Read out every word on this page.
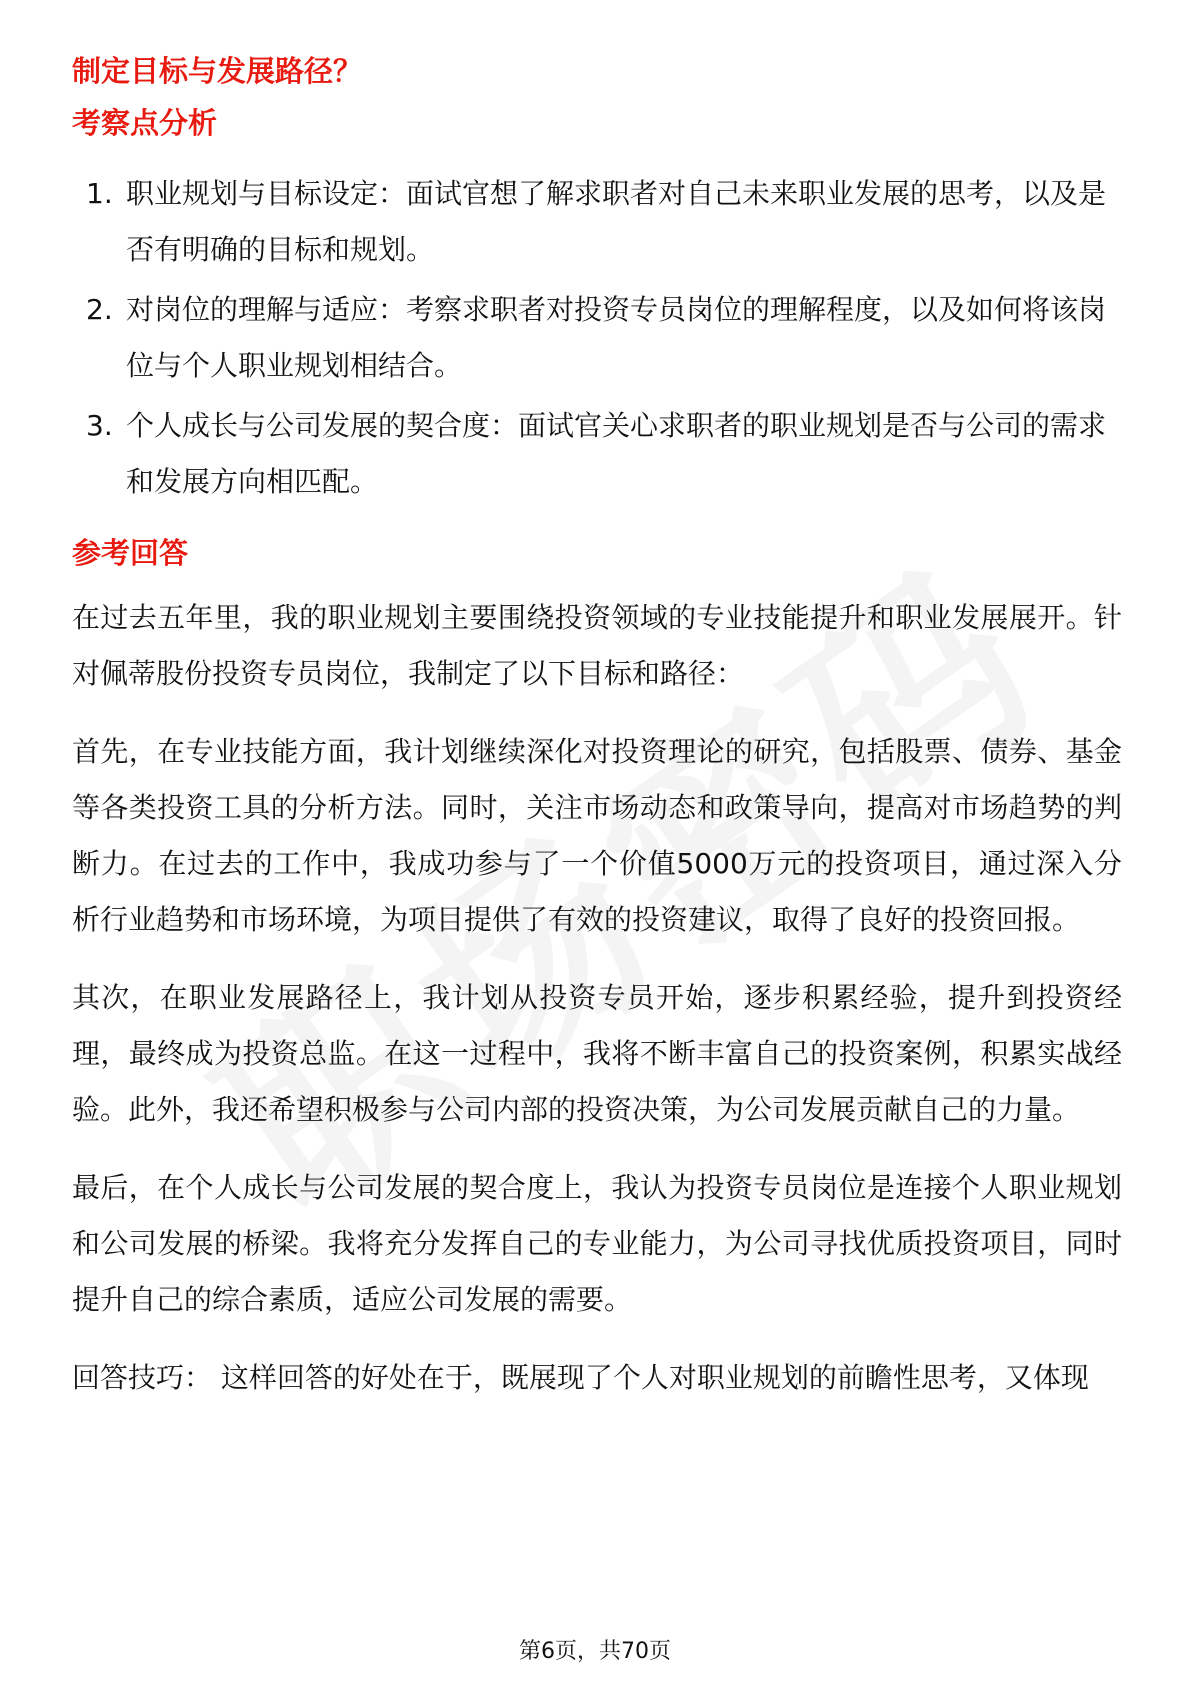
制定目标与发展路径？
考察点分析
1. 职业规划与目标设定：面试官想了解求职者对自己未来职业发展的思考，以及是否有明确的目标和规划。
2. 对岗位的理解与适应：考察求职者对投资专员岗位的理解程度，以及如何将该岗位与个人职业规划相结合。
3. 个人成长与公司发展的契合度：面试官关心求职者的职业规划是否与公司的需求和发展方向相匹配。
参考回答

在过去五年里，我的职业规划主要围绕投资领域的专业技能提升和职业发展展开。针对佩蒂股份投资专员岗位，我制定了以下目标和路径：

首先，在专业技能方面，我计划继续深化对投资理论的研究，包括股票、债券、基金等各类投资工具的分析方法。同时，关注市场动态和政策导向，提高对市场趋势的判断力。在过去的工作中，我成功参与了一个价值5000万元的投资项目，通过深入分析行业趋势和市场环境，为项目提供了有效的投资建议，取得了良好的投资回报。

其次，在职业发展路径上，我计划从投资专员开始，逐步积累经验，提升到投资经理，最终成为投资总监。在这一过程中，我将不断丰富自己的投资案例，积累实战经验。此外，我还希望积极参与公司内部的投资决策，为公司发展贡献自己的力量。

最后，在个人成长与公司发展的契合度上，我认为投资专员岗位是连接个人职业规划和公司发展的桥梁。我将充分发挥自己的专业能力，为公司寻找优质投资项目，同时提升自己的综合素质，适应公司发展的需要。

回答技巧： 这样回答的好处在于，既展现了个人对职业规划的前瞻性思考，又体现

第6页，共70页
